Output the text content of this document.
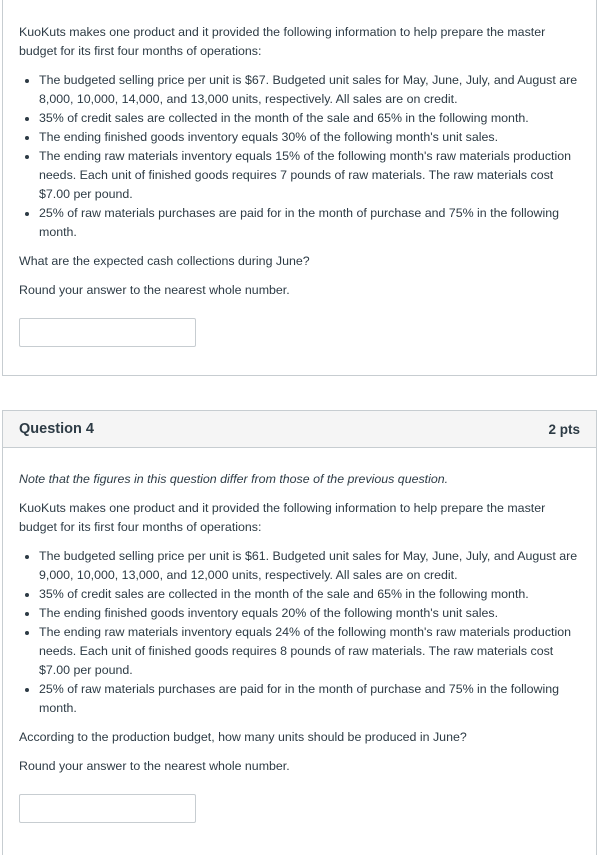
KuoKuts makes one product and it provided the following information to help prepare the master budget for its first four months of operations:

• The budgeted selling price per unit is $67. Budgeted unit sales for May, June, July, and August are 8,000, 10,000, 14,000, and 13,000 units, respectively. All sales are on credit.
• 35% of credit sales are collected in the month of the sale and 65% in the following month.
• The ending finished goods inventory equals 30% of the following month's unit sales.
• The ending raw materials inventory equals 15% of the following month's raw materials production needs. Each unit of finished goods requires 7 pounds of raw materials. The raw materials cost $7.00 per pound.
• 25% of raw materials purchases are paid for in the month of purchase and 75% in the following month.

What are the expected cash collections during June?

Round your answer to the nearest whole number.

Question 4	2 pts

Note that the figures in this question differ from those of the previous question.

KuoKuts makes one product and it provided the following information to help prepare the master budget for its first four months of operations:

• The budgeted selling price per unit is $61. Budgeted unit sales for May, June, July, and August are 9,000, 10,000, 13,000, and 12,000 units, respectively. All sales are on credit.
• 35% of credit sales are collected in the month of the sale and 65% in the following month.
• The ending finished goods inventory equals 20% of the following month's unit sales.
• The ending raw materials inventory equals 24% of the following month's raw materials production needs. Each unit of finished goods requires 8 pounds of raw materials. The raw materials cost $7.00 per pound.
• 25% of raw materials purchases are paid for in the month of purchase and 75% in the following month.

According to the production budget, how many units should be produced in June?

Round your answer to the nearest whole number.
